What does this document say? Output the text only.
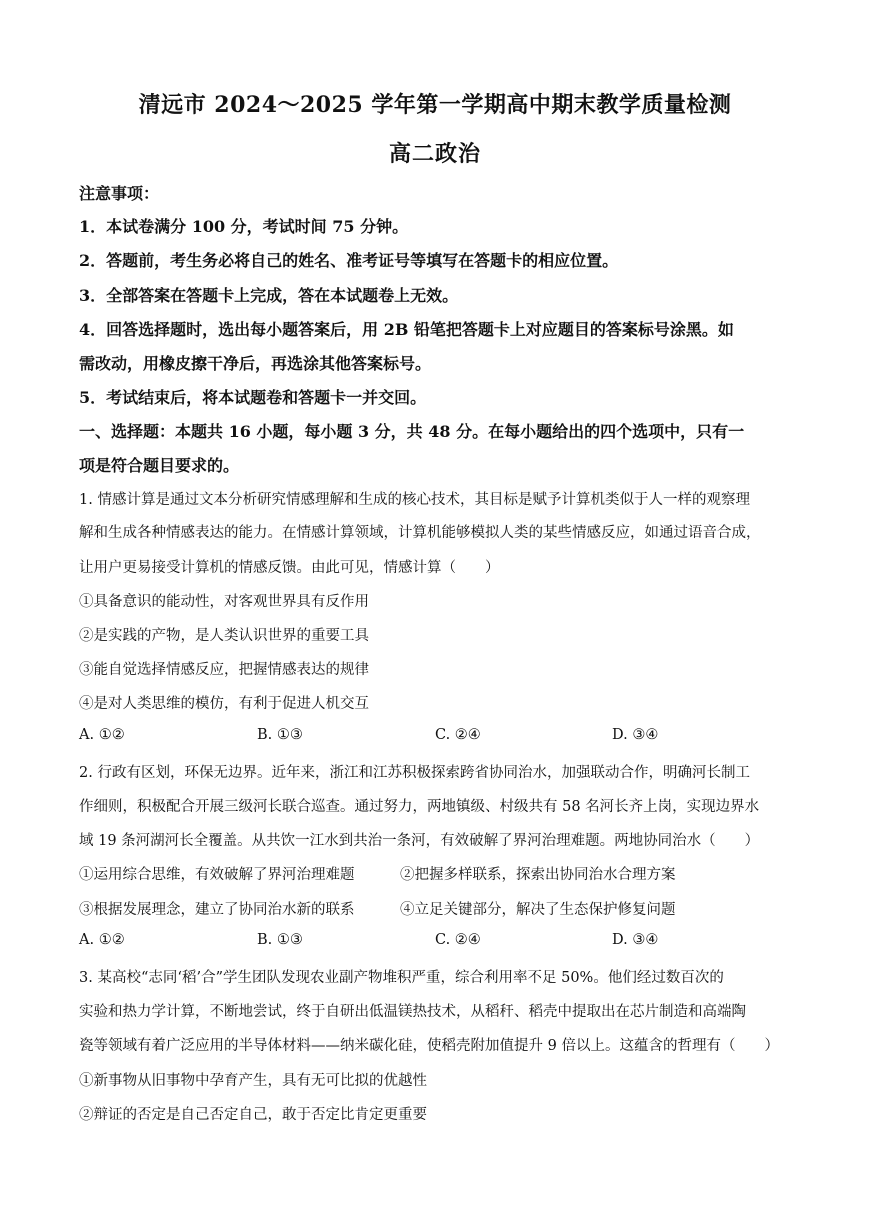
清远市 2024～2025 学年第一学期高中期末教学质量检测
高二政治
注意事项：
1．本试卷满分 100 分，考试时间 75 分钟。
2．答题前，考生务必将自己的姓名、准考证号等填写在答题卡的相应位置。
3．全部答案在答题卡上完成，答在本试题卷上无效。
4．回答选择题时，选出每小题答案后，用 2B 铅笔把答题卡上对应题目的答案标号涂黑。如
需改动，用橡皮擦干净后，再选涂其他答案标号。
5．考试结束后，将本试题卷和答题卡一并交回。
一、选择题：本题共 16 小题，每小题 3 分，共 48 分。在每小题给出的四个选项中，只有一
项是符合题目要求的。
1. 情感计算是通过文本分析研究情感理解和生成的核心技术，其目标是赋予计算机类似于人一样的观察理
解和生成各种情感表达的能力。在情感计算领域，计算机能够模拟人类的某些情感反应，如通过语音合成，
让用户更易接受计算机的情感反馈。由此可见，情感计算（　　）
①具备意识的能动性，对客观世界具有反作用
②是实践的产物，是人类认识世界的重要工具
③能自觉选择情感反应，把握情感表达的规律
④是对人类思维的模仿，有利于促进人机交互
A. ①②	B. ①③	C. ②④	D. ③④
2. 行政有区划，环保无边界。近年来，浙江和江苏积极探索跨省协同治水，加强联动合作，明确河长制工
作细则，积极配合开展三级河长联合巡查。通过努力，两地镇级、村级共有 58 名河长齐上岗，实现边界水
域 19 条河湖河长全覆盖。从共饮一江水到共治一条河，有效破解了界河治理难题。两地协同治水（　　）
①运用综合思维，有效破解了界河治理难题	②把握多样联系，探索出协同治水合理方案
③根据发展理念，建立了协同治水新的联系	④立足关键部分，解决了生态保护修复问题
A. ①②	B. ①③	C. ②④	D. ③④
3. 某高校“志同‘稻’合”学生团队发现农业副产物堆积严重，综合利用率不足 50%。他们经过数百次的
实验和热力学计算，不断地尝试，终于自研出低温镁热技术，从稻秆、稻壳中提取出在芯片制造和高端陶
瓷等领域有着广泛应用的半导体材料——纳米碳化硅，使稻壳附加值提升 9 倍以上。这蕴含的哲理有（　　）
①新事物从旧事物中孕育产生，具有无可比拟的优越性
②辩证的否定是自己否定自己，敢于否定比肯定更重要
